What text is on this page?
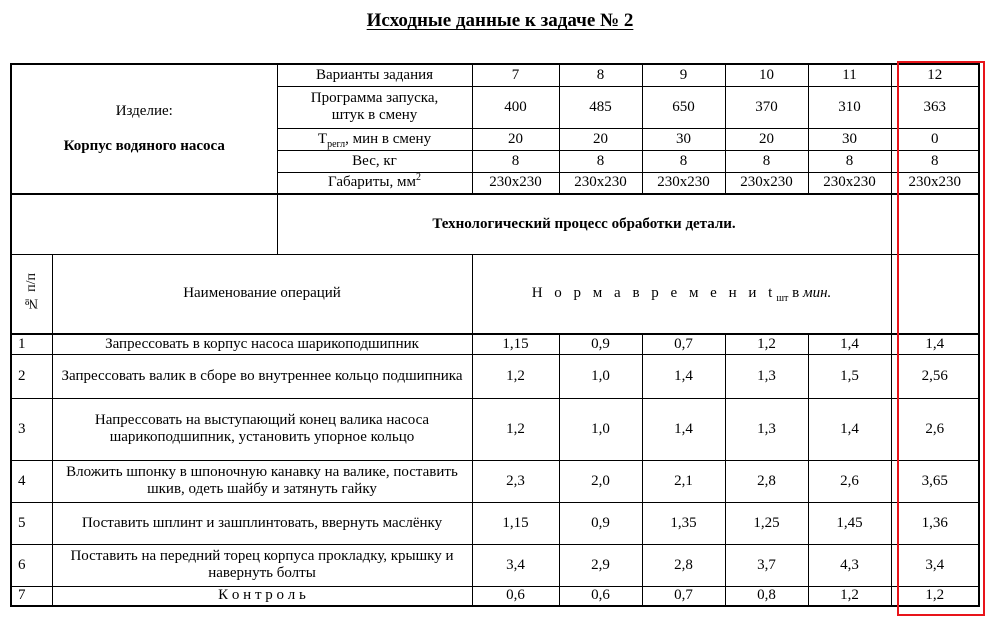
Исходные данные к задаче № 2
Изделие:
Корпус водяного насоса		Варианты задания	7	8	9	10	11	12
		Программа запуска,
штук в смену	400	485	650	370	310	363
		$T_{регл}$, мин в смену	20	20	30	20	30	0
		Вес, кг	8	8	8	8	8	8
		Габариты, $мм^2$	230x230	230x230	230x230	230x230	230x230	230x230
		Технологический процесс обработки детали.						
№ п/п	Наименование операций		Н о р м а в р е м е н и $t_{шт}$ в мин.					
1	Запрессовать в корпус насоса шарикоподшипник		1,15	0,9	0,7	1,2	1,4	1,4
2	Запрессовать валик в сборе во внутреннее кольцо подшипника		1,2	1,0	1,4	1,3	1,5	2,56
3	Напрессовать на выступающий конец валика насоса шарикоподшипник, установить упорное кольцо		1,2	1,0	1,4	1,3	1,4	2,6
4	Вложить шпонку в шпоночную канавку на валике, поставить шкив, одеть шайбу и затянуть гайку		2,3	2,0	2,1	2,8	2,6	3,65
5	Поставить шплинт и зашплинтовать, ввернуть маслёнку		1,15	0,9	1,35	1,25	1,45	1,36
6	Поставить на передний торец корпуса прокладку, крышку и навернуть болты		3,4	2,9	2,8	3,7	4,3	3,4
7	К о н т р о л ь		0,6	0,6	0,7	0,8	1,2	1,2
